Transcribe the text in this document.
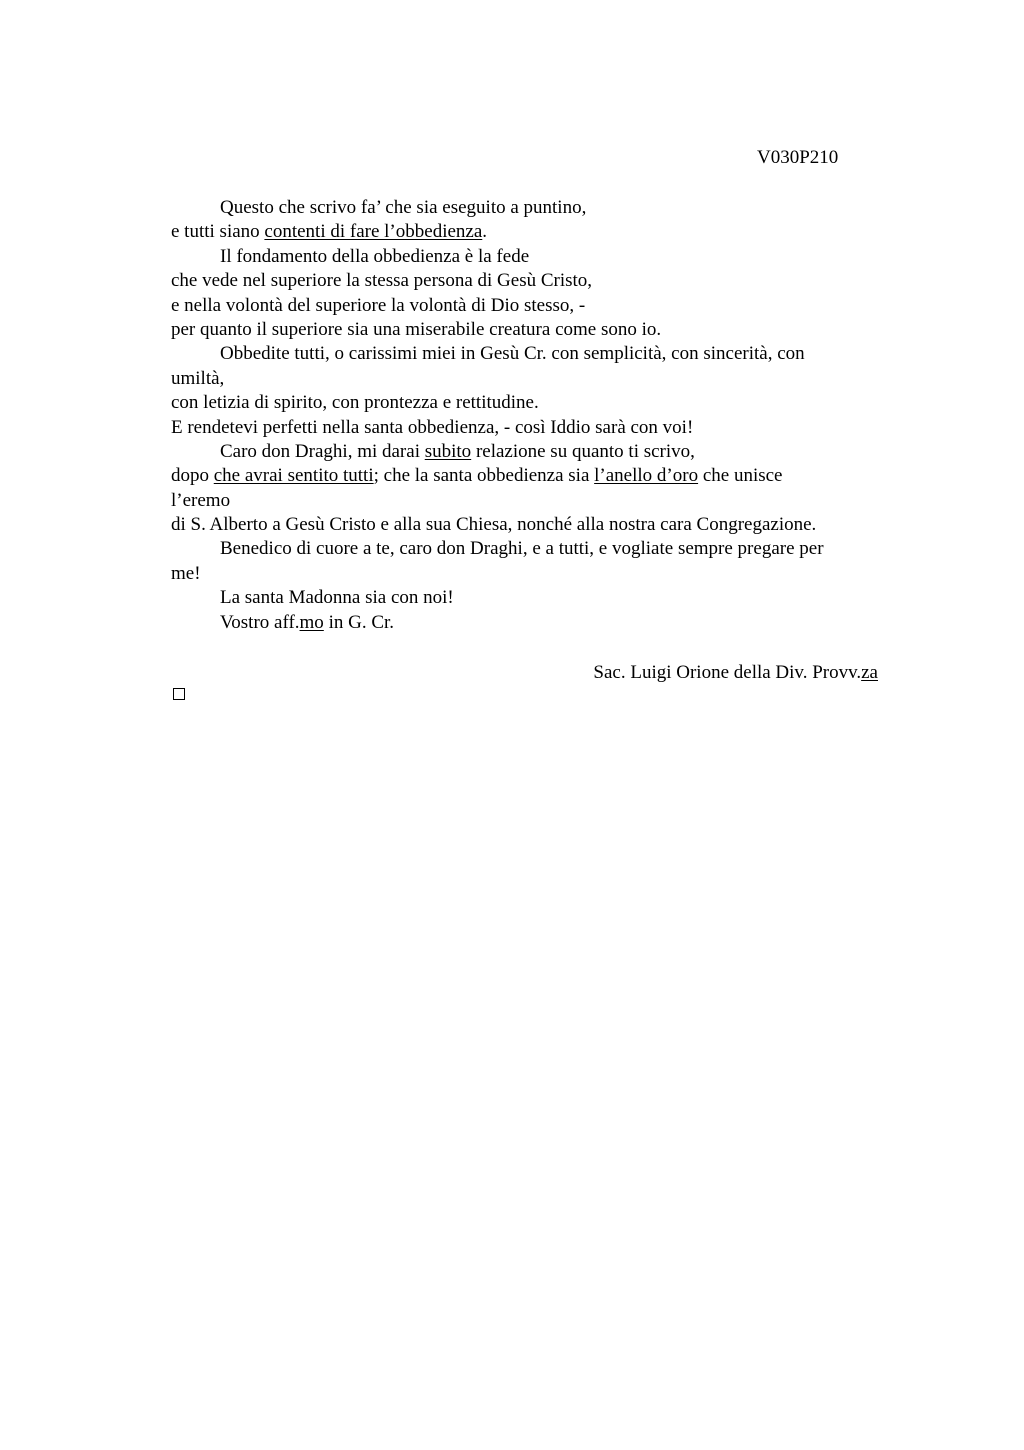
V030P210
Questo che scrivo fa’ che sia eseguito a puntino,
e tutti siano contenti di fare l’obbedienza.
Il fondamento della obbedienza è la fede
che vede nel superiore la stessa persona di Gesù Cristo,
e nella volontà del superiore la volontà di Dio stesso, -
per quanto il superiore sia una miserabile creatura come sono io.
Obbedite tutti, o carissimi miei in Gesù Cr. con semplicità, con sincerità, con
umiltà,
con letizia di spirito, con prontezza e rettitudine.
E rendetevi perfetti nella santa obbedienza, - così Iddio sarà con voi!
Caro don Draghi, mi darai subito relazione su quanto ti scrivo,
dopo che avrai sentito tutti; che la santa obbedienza sia l’anello d’oro che unisce
l’eremo
di S. Alberto a Gesù Cristo e alla sua Chiesa, nonché alla nostra cara Congregazione.
Benedico di cuore a te, caro don Draghi, e a tutti, e vogliate sempre pregare per
me!
La santa Madonna sia con noi!
Vostro aff.mo in G. Cr.
Sac. Luigi Orione della Div. Provv.za
